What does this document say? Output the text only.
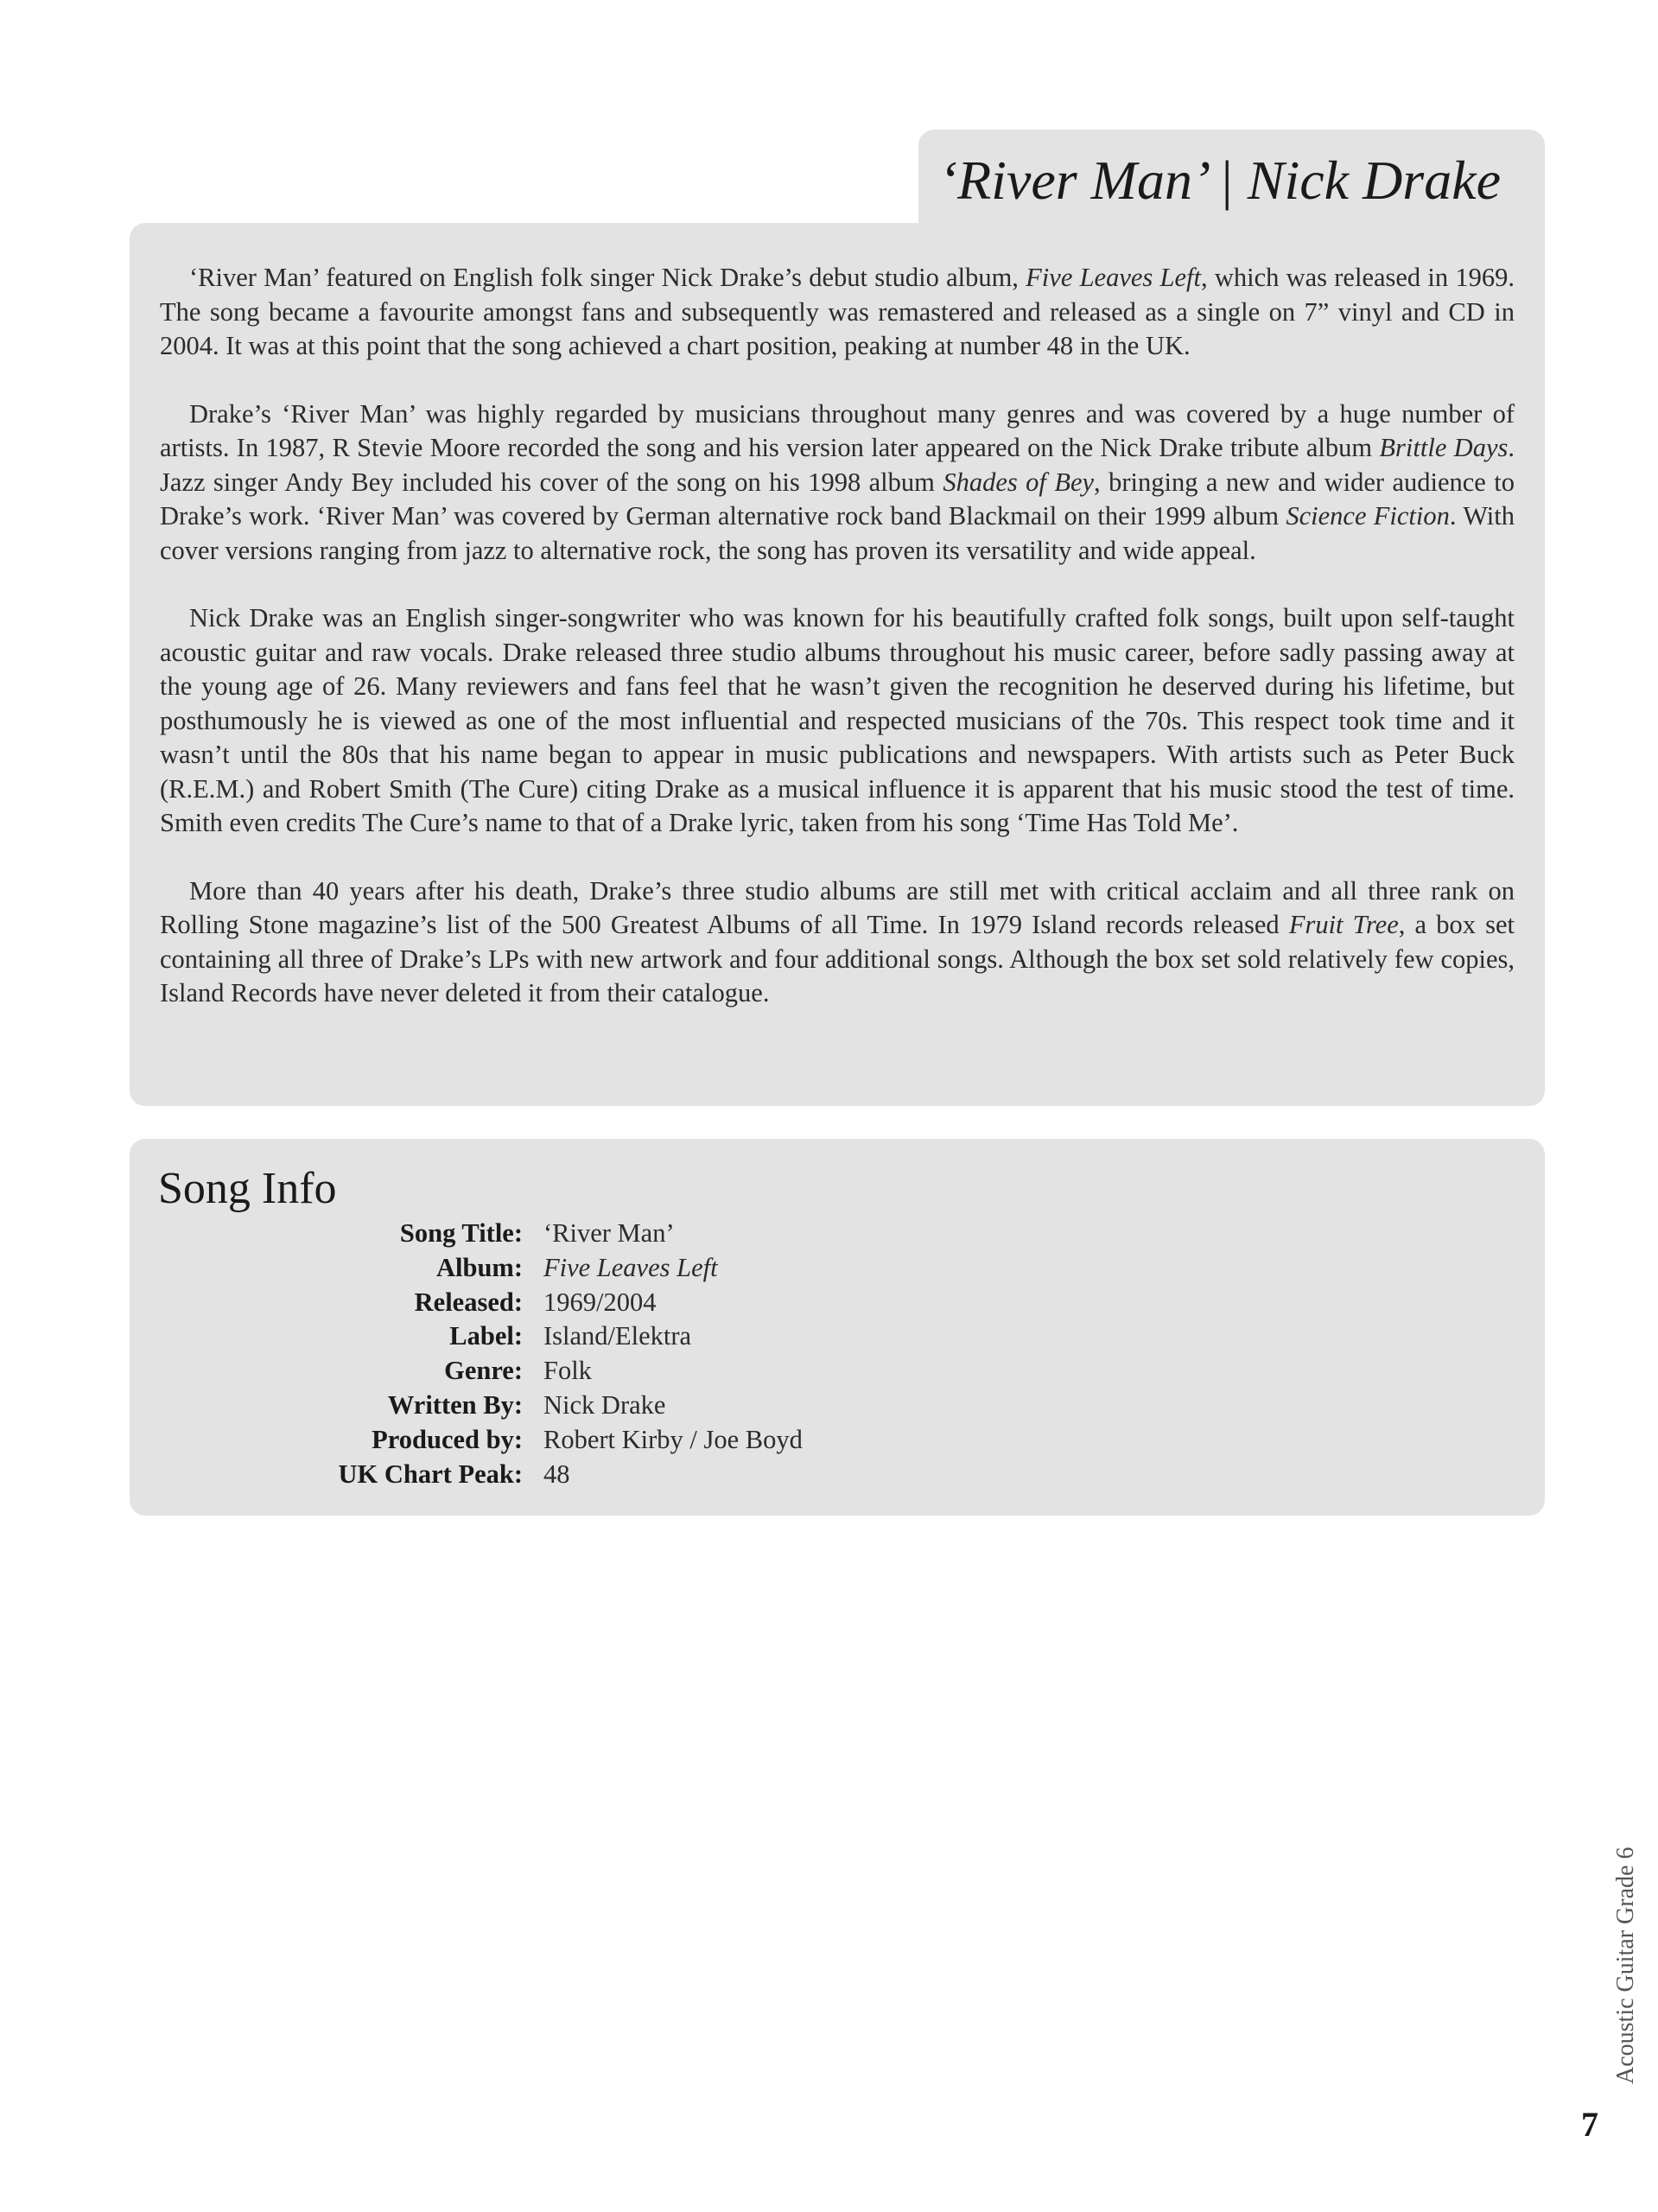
‘River Man’ | Nick Drake

‘River Man’ featured on English folk singer Nick Drake’s debut studio album, Five Leaves Left, which was released in 1969. The song became a favourite amongst fans and subsequently was remastered and released as a single on 7” vinyl and CD in 2004. It was at this point that the song achieved a chart position, peaking at number 48 in the UK.

Drake’s ‘River Man’ was highly regarded by musicians throughout many genres and was covered by a huge number of artists. In 1987, R Stevie Moore recorded the song and his version later appeared on the Nick Drake tribute album Brittle Days. Jazz singer Andy Bey included his cover of the song on his 1998 album Shades of Bey, bringing a new and wider audience to Drake’s work. ‘River Man’ was covered by German alternative rock band Blackmail on their 1999 album Science Fiction. With cover versions ranging from jazz to alternative rock, the song has proven its versatility and wide appeal.

Nick Drake was an English singer-songwriter who was known for his beautifully crafted folk songs, built upon self-taught acoustic guitar and raw vocals. Drake released three studio albums throughout his music career, before sadly passing away at the young age of 26. Many reviewers and fans feel that he wasn’t given the recognition he deserved during his lifetime, but posthumously he is viewed as one of the most influential and respected musicians of the 70s. This respect took time and it wasn’t until the 80s that his name began to appear in music publications and newspapers. With artists such as Peter Buck (R.E.M.) and Robert Smith (The Cure) citing Drake as a musical influence it is apparent that his music stood the test of time. Smith even credits The Cure’s name to that of a Drake lyric, taken from his song ‘Time Has Told Me’.

More than 40 years after his death, Drake’s three studio albums are still met with critical acclaim and all three rank on Rolling Stone magazine’s list of the 500 Greatest Albums of all Time. In 1979 Island records released Fruit Tree, a box set containing all three of Drake’s LPs with new artwork and four additional songs. Although the box set sold relatively few copies, Island Records have never deleted it from their catalogue.

Song Info
Song Title: ‘River Man’
Album: Five Leaves Left
Released: 1969/2004
Label: Island/Elektra
Genre: Folk
Written By: Nick Drake
Produced by: Robert Kirby / Joe Boyd
UK Chart Peak: 48
Acoustic Guitar Grade 6
7
